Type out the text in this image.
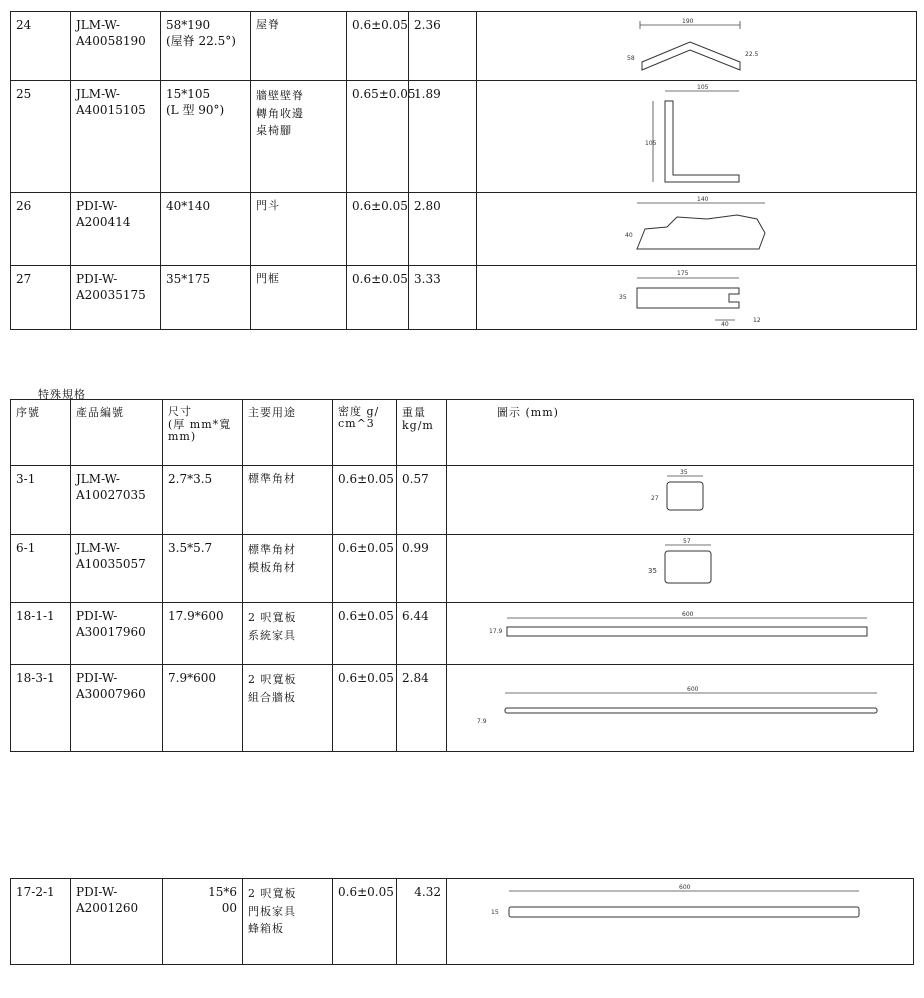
24	JLM-W-
A40058190	58*190
(屋脊 22.5°)	屋脊	0.6±0.05	2.36	190
58
22.5

25	JLM-W-
A40015105	15*105
(L 型 90°)	牆壁壁脊
轉角收邊
桌椅腳	0.65±0.05	1.89	105
105

26	PDI-W-
A200414	40*140	門斗	0.6±0.05	2.80	140
40

27	PDI-W-
A20035175	35*175	門框	0.6±0.05	3.33	175
35
40
12
特殊規格
序號	產品編號	尺寸
(厚 mm*寬
mm)	主要用途	密度 g/
cm^3	重量
kg/m	圖示 (mm)
3-1	JLM-W-
A10027035	2.7*3.5	標準角材	0.6±0.05	0.57	35
27

6-1	JLM-W-
A10035057	3.5*5.7	標準角材
模板角材	0.6±0.05	0.99	57
35

18-1-1	PDI-W-
A30017960	17.9*600	2 呎寬板
系統家具	0.6±0.05	6.44	600
17.9

18-3-1	PDI-W-
A30007960	7.9*600	2 呎寬板
組合牆板	0.6±0.05	2.84	600
7.9
17-2-1	PDI-W-
A2001260	15*6
00	2 呎寬板
門板家具
蜂箱板	0.6±0.05	4.32	600
15
